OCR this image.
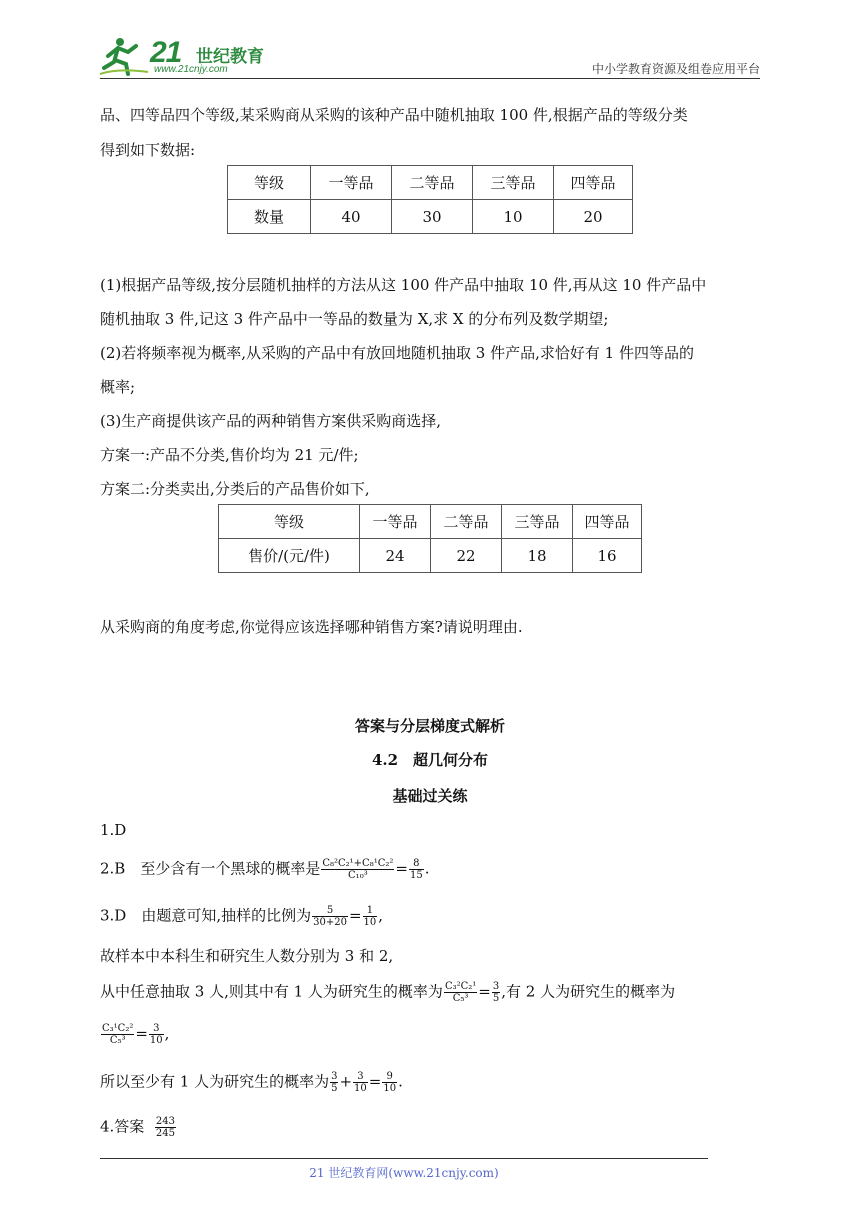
21 世纪教育
www.21cnjy.com	中小学教育资源及组卷应用平台

品、四等品四个等级,某采购商从采购的该种产品中随机抽取 100 件,根据产品的等级分类

得到如下数据:

等级	一等品	二等品	三等品	四等品
数量	40	30	10	20

(1)根据产品等级,按分层随机抽样的方法从这 100 件产品中抽取 10 件,再从这 10 件产品中

随机抽取 3 件,记这 3 件产品中一等品的数量为 X,求 X 的分布列及数学期望;

(2)若将频率视为概率,从采购的产品中有放回地随机抽取 3 件产品,求恰好有 1 件四等品的

概率;

(3)生产商提供该产品的两种销售方案供采购商选择,

方案一:产品不分类,售价均为 21 元/件;

方案二:分类卖出,分类后的产品售价如下,

等级	一等品	二等品	三等品	四等品
售价/(元/件)	24	22	18	16

从采购商的角度考虑,你觉得应该选择哪种销售方案?请说明理由.

答案与分层梯度式解析

4.2　超几何分布

基础过关练

1.D

2.B　至少含有一个黑球的概率是 $\frac{\text{C₈²C₂¹+C₈¹C₂²}}{\text{C₁₀³}} = \frac{8}{15}$ .

3.D　由题意可知,抽样的比例为 $\frac{5}{30+20} = \frac{1}{10}$ ,

故样本中本科生和研究生人数分别为 3 和 2,

从中任意抽取 3 人,则其中有 1 人为研究生的概率为 $\frac{\text{C₃²C₂¹}}{\text{C₅³}} = \frac{3}{5}$ ,有 2 人为研究生的概率为

$\frac{\text{C₃¹C₂²}}{\text{C₅³}} = \frac{3}{10}$ ,

所以至少有 1 人为研究生的概率为 $\frac{3}{5} + \frac{3}{10} = \frac{9}{10}$ .

4.答案 $\frac{243}{245}$

21 世纪教育网(www.21cnjy.com)
